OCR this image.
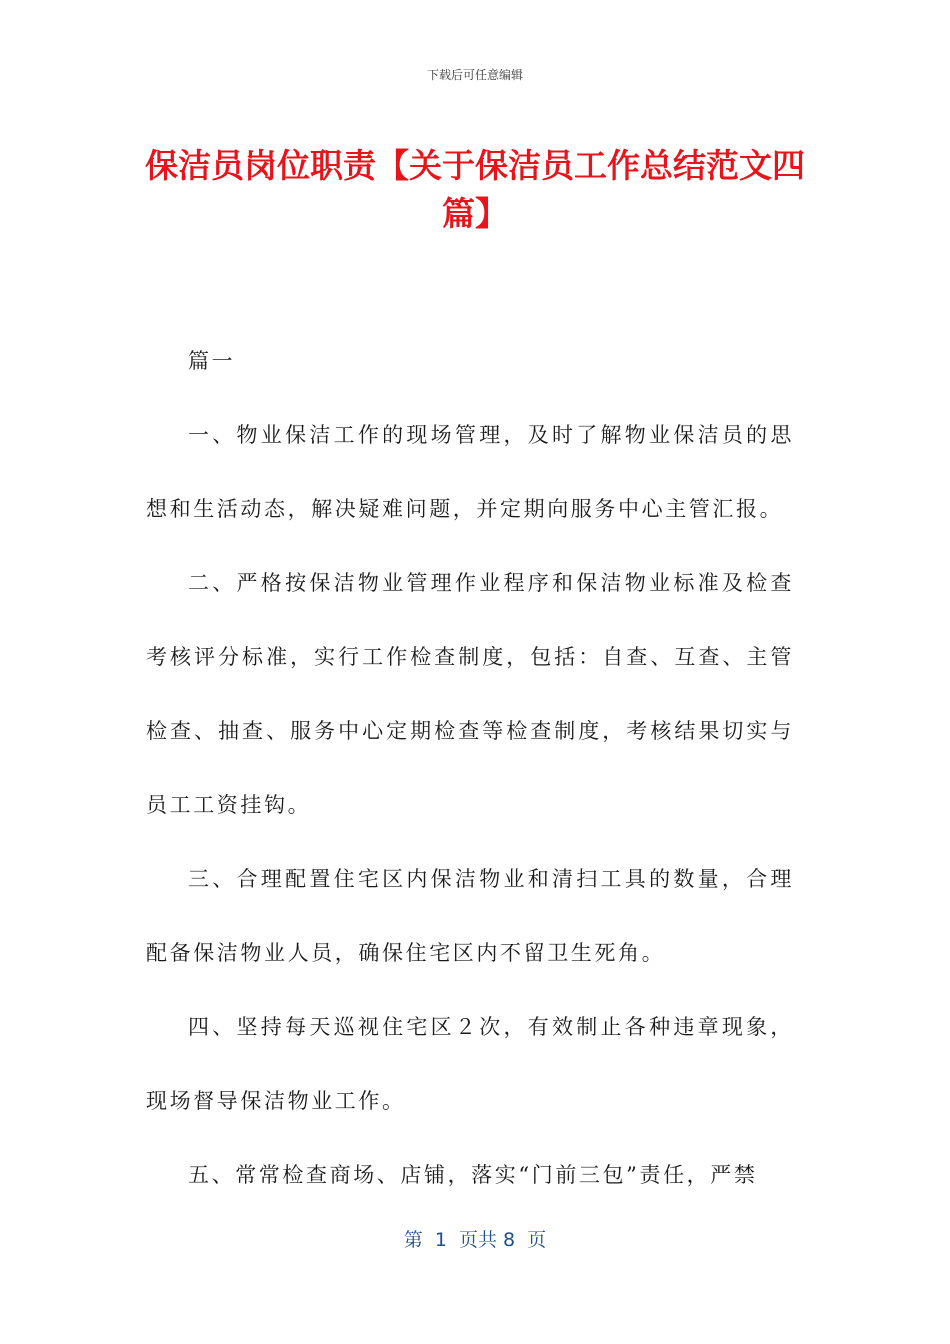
下载后可任意编辑
保洁员岗位职责【关于保洁员工作总结范文四篇】

篇一

一、物业保洁工作的现场管理，及时了解物业保洁员的思想和生活动态，解决疑难问题，并定期向服务中心主管汇报。

二、严格按保洁物业管理作业程序和保洁物业标准及检查考核评分标准，实行工作检查制度，包括：自查、互查、主管检查、抽查、服务中心定期检查等检查制度，考核结果切实与员工工资挂钩。

三、合理配置住宅区内保洁物业和清扫工具的数量，合理配备保洁物业人员，确保住宅区内不留卫生死角。

四、坚持每天巡视住宅区２次，有效制止各种违章现象，现场督导保洁物业工作。

五、常常检查商场、店铺，落实“门前三包”责任，严禁

第  1  页共 8  页
